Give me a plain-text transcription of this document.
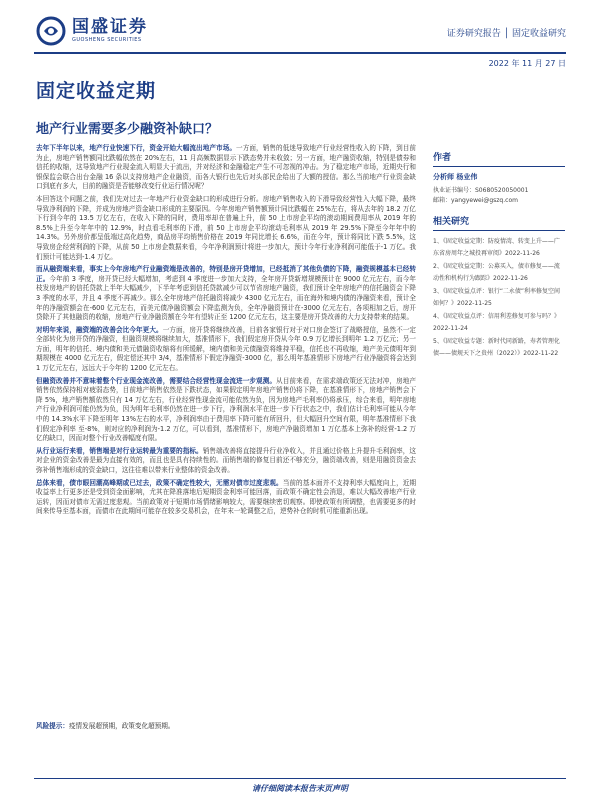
国盛证券
GUOSHENG SECURITIES
证券研究报告 │ 固定收益研究
2022 年 11 月 27 日
固定收益定期
地产行业需要多少融资补缺口？

去年下半年以来，地产行业快速下行，资金开始大幅流出地产市场。一方面，销售的低迷导致地产行业经营性收入的下降，到目前为止，房地产销售额同比跌幅依然在 20%左右，11 月高频数据显示下跌态势并未收敛；另一方面，地产融资收缩，特别是债券和信托的收缩，这导致地产行业现金流入明显大于流出，并对经济和金融稳定产生不可忽视的冲击。为了稳定地产市场，近期央行和银保监会联合出台金融 16 条以支持房地产企业融资，而各大银行也先后对头部民企给出了大额的授信。那么当前地产行业资金缺口到底有多大，目前的融资是否能够改变行业运行情况呢？

本回答这个问题之前，我们先对过去一年地产行业资金缺口的形成进行分析。房地产销售收入的下滑导致经营性入大幅下降，最终导致净利润的下降，并成为房地产资金缺口形成的主要原因。今年房地产销售额预计同比跌幅在 25%左右，将从去年的 18.2 万亿下行到今年的 13.5 万亿左右，在收入下降的同时，费用率却在普遍上升，前 50 上市房企平均的滚动期间费用率从 2019 年的 8.5%上升至今年年中的 12.9%，时点看毛利率的下滑，前 50 上市房企平均滚动毛利率从 2019 年 29.5%下降至今年年中的 14.3%。另外房价都呈低端过高化趋势，商品房平均销售价格在 2019 年同比增长 6.6%，而在今年，预计将同比下跌 5.5%，这导致房企经营利润的下降，从前 50 上市房企数据来看，今年净利润预计将进一步加大，预计今年行业净利润可能低于-1 万亿。我们预计可能达到-1.4 万亿。

而从融资端来看，事实上今年房地产行业融资端是改善的，特别是房开贷增加，已经抵消了其他负债的下降，融资规模基本已经转正。今年前 3 季度，房开贷已经大幅增加，考虑到 4 季度进一步加大支持，全年房开贷新增规模预计在 9000 亿元左右，而今年枝发房地产的信托贷款上半年大幅减少，下半年考虑到信托贷款减少可以节省房地产融资，我们预计全年房地产的信托融资会下降 3 季度的水平，并且 4 季度不再减少。那么全年房地产信托融资将减少 4300 亿元左右，而在海外和境内债的净融资来看，预计全年的净融资额会在-600 亿元左右，而美元债净融资额会下降监测为负，全年净融资预计在-3000 亿元左右，各项相加之后，房开贷除开了其他融资的收缩，房地产行业净融资额在今年有望转正至 1200 亿元左右，这主要是房开贷改善的大力支持带来的结果。

对明年来说，融资端的改善会比今年更大。一方面，房开贷将继续改善，目前各家银行对于对口房企签订了战略授信，虽然不一定全部转化为房开贷的净融资，但融资规模将继续加大，基准情形下，我们假定房开贷从今年 0.9 万亿增长到明年 1.2 万亿元；另一方面，明年的信托、境内债和美元债融资收缩将有所缓解，境内债和美元债融资将维持平稳，信托也不再收缩，地产美元债明年到期规模在 4000 亿元左右，假定偿还其中 3/4，基准情形下假定净融资-3000 亿，那么明年基准情形下房地产行业净融资将会达到 1 万亿元左右，远远大于今年的 1200 亿元左右。

但融资改善并不意味着整个行业现金流改善，需要结合经营性现金流进一步观测。从目前来看，在需求端政策还无法对冲，房地产销售依然保持相对疲弱态势，目前地产销售依然是下跌状态，如果假定明年房地产销售仍将下降，在基准情形下，房地产销售会下降 5%，地产销售额依然只有 14 万亿左右，行业经营性现金流可能依然为负，因为房地产毛利率仍将承压，综合来看，明年房地产行业净利润可能仍然为负，因为明年毛利率仍然在进一步下行，净利润水平在进一步下行状态之中，我们估计毛利率可能从今年中的 14.3%水平下降至明年 13%左右的水平，净利润率由于费用率下降可能有所回升，但大幅回升空间有限，明年基准情形下我们假定净利率 至-8%，则对应的净利润为-1.2 万亿，可以看到，基准情形下，房地产净融资增加 1 万亿基本上弥补的经营-1.2 万亿的缺口，因而对整个行业改善幅度有限。

从行业运行来看，销售端是对行业运转最为重要的指标。销售端改善将直接提升行业净收入，并且通过价格上升提升毛利润率，这对企业的资金改善是最为直接有效的，而且也是具有持续性的。而销售端的修复目前还不够充分，融资端改善，则是用融资资金去弥补销售端形成的资金缺口，这往往难以带来行业整体的资金改善。

总体来看，债市眼回潮高峰期或已过去，政策不确定性较大，无需对债市过度悲观。当前的基本面并不支持利率大幅度向上，近期收益率上行更多还是受到资金面影响，尤其在降准落地后短期资金利率可能回落，而政策不确定性会消退，难以大幅改善地产行业运转，因而对债市无需过度悲观。当前政策对于短期市场情绪影响较大，需要继续密切观察。即使政策有所调整，也需要更多的时间来传导至基本面，而债市在此期间可能存在较多交易机会，在年末一轮调整之后，逆势补仓的时机可能重新出现。

风险提示：疫情发展超预期，政策变化超预期。
作者
分析师 杨业伟
执业证书编号：S0680520050001
邮箱：yangyewei@gszq.com
相关研究
1、《固定收益定期：防疫情湾、转变上升——广东省房周年之城投再审阅》2022-11-26
2、《固定收益定期：公募买入，债市修复——流动性和机构行为跟踪》2022-11-26
3、《固定收益点评：银行“二永债”利率修复空间如何？》2022-11-25
4、《固定收益点评：信用利差修复可参与吗？》2022-11-24
5、《固定收益专题：新时代同新路，寿者管理化债——债规天下之贵州（2022）》2022-11-22
请仔细阅读本报告末页声明
